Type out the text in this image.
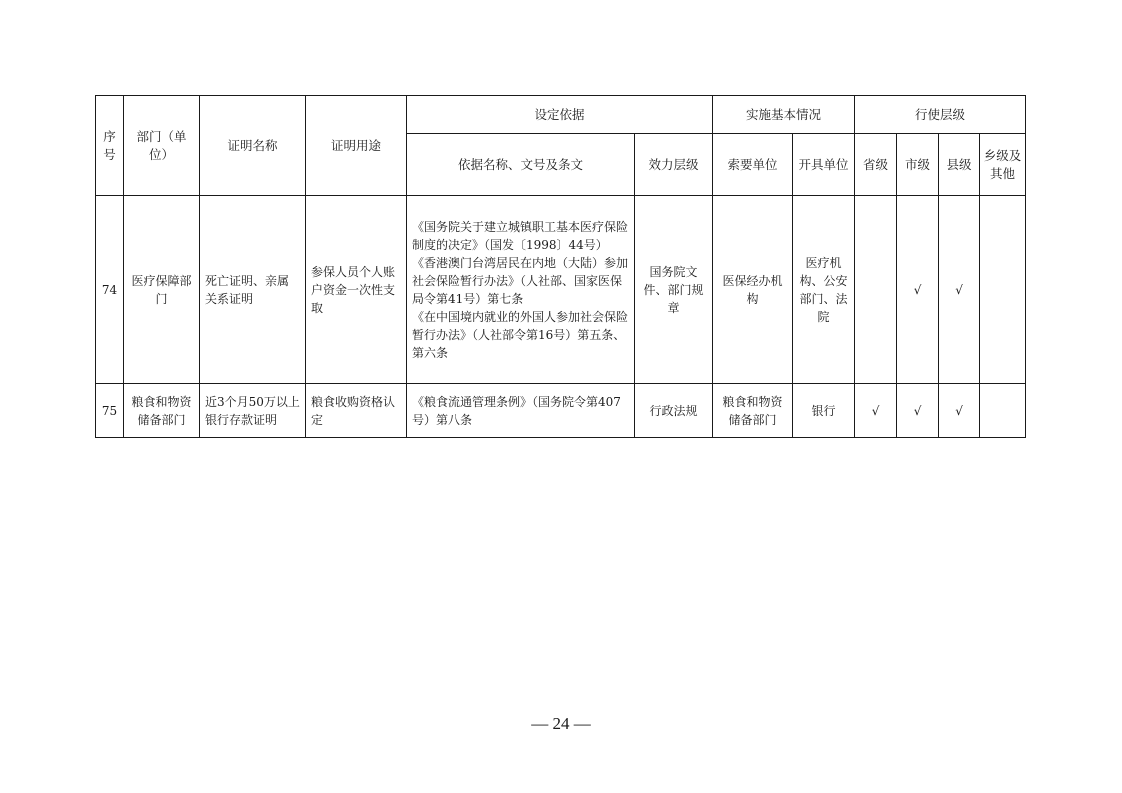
序号	部门（单位）	证明名称	证明用途	设定依据		实施基本情况		行使层级			
				依据名称、文号及条文	效力层级	索要单位	开具单位	省级	市级	县级	乡级及其他
74	医疗保障部门	死亡证明、亲属关系证明	参保人员个人账户资金一次性支取	《国务院关于建立城镇职工基本医疗保险制度的决定》（国发〔1998〕44号）
《香港澳门台湾居民在内地（大陆）参加社会保险暂行办法》（人社部、国家医保局令第41号）第七条
《在中国境内就业的外国人参加社会保险暂行办法》（人社部令第16号）第五条、第六条	国务院文件、部门规章	医保经办机构	医疗机构、公安部门、法院		√	√	
75	粮食和物资储备部门	近3个月50万以上银行存款证明	粮食收购资格认定	《粮食流通管理条例》（国务院令第407号）第八条	行政法规	粮食和物资储备部门	银行	√	√	√	
— 24 —
